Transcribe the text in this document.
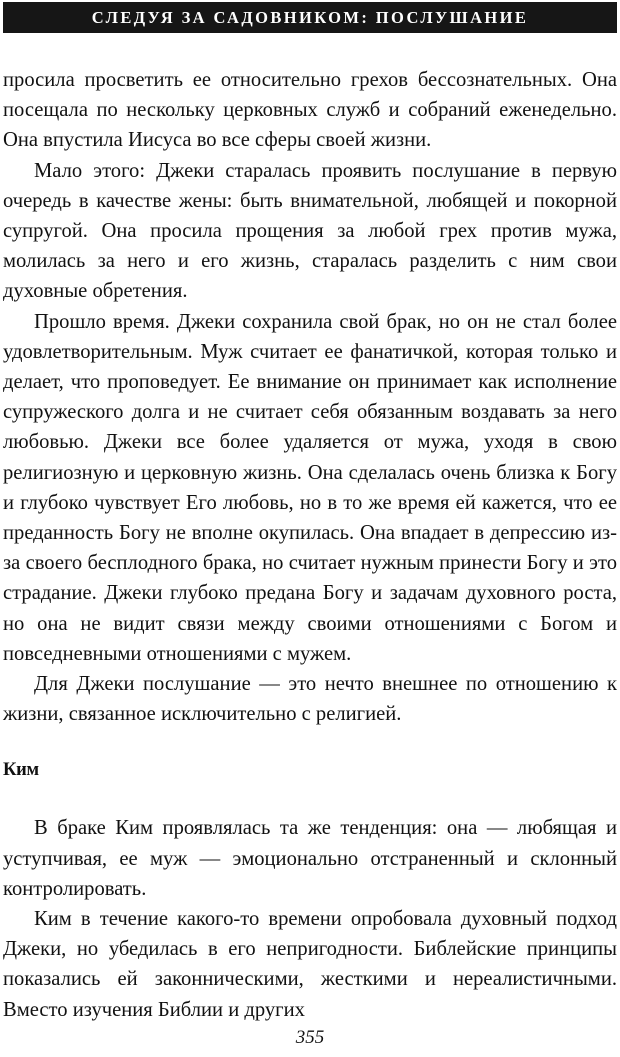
СЛЕДУЯ ЗА САДОВНИКОМ: ПОСЛУШАНИЕ

просила просветить ее относительно грехов бессознательных. Она посещала по нескольку церковных служб и собраний еженедельно. Она впустила Иисуса во все сферы своей жизни.

Мало этого: Джеки старалась проявить послушание в первую очередь в качестве жены: быть внимательной, любящей и покорной супругой. Она просила прощения за любой грех против мужа, молилась за него и его жизнь, старалась разделить с ним свои духовные обретения.

Прошло время. Джеки сохранила свой брак, но он не стал более удовлетворительным. Муж считает ее фанатичкой, которая только и делает, что проповедует. Ее внимание он принимает как исполнение супружеского долга и не считает себя обязанным воздавать за него любовью. Джеки все более удаляется от мужа, уходя в свою религиозную и церковную жизнь. Она сделалась очень близка к Богу и глубоко чувствует Его любовь, но в то же время ей кажется, что ее преданность Богу не вполне окупилась. Она впадает в депрессию из-за своего бесплодного брака, но считает нужным принести Богу и это страдание. Джеки глубоко предана Богу и задачам духовного роста, но она не видит связи между своими отношениями с Богом и повседневными отношениями с мужем.

Для Джеки послушание — это нечто внешнее по отношению к жизни, связанное исключительно с религией.

Ким

В браке Ким проявлялась та же тенденция: она — любящая и уступчивая, ее муж — эмоционально отстраненный и склонный контролировать.

Ким в течение какого-то времени опробовала духовный подход Джеки, но убедилась в его непригодности. Библейские принципы показались ей законническими, жесткими и нереалистичными. Вместо изучения Библии и других

355
